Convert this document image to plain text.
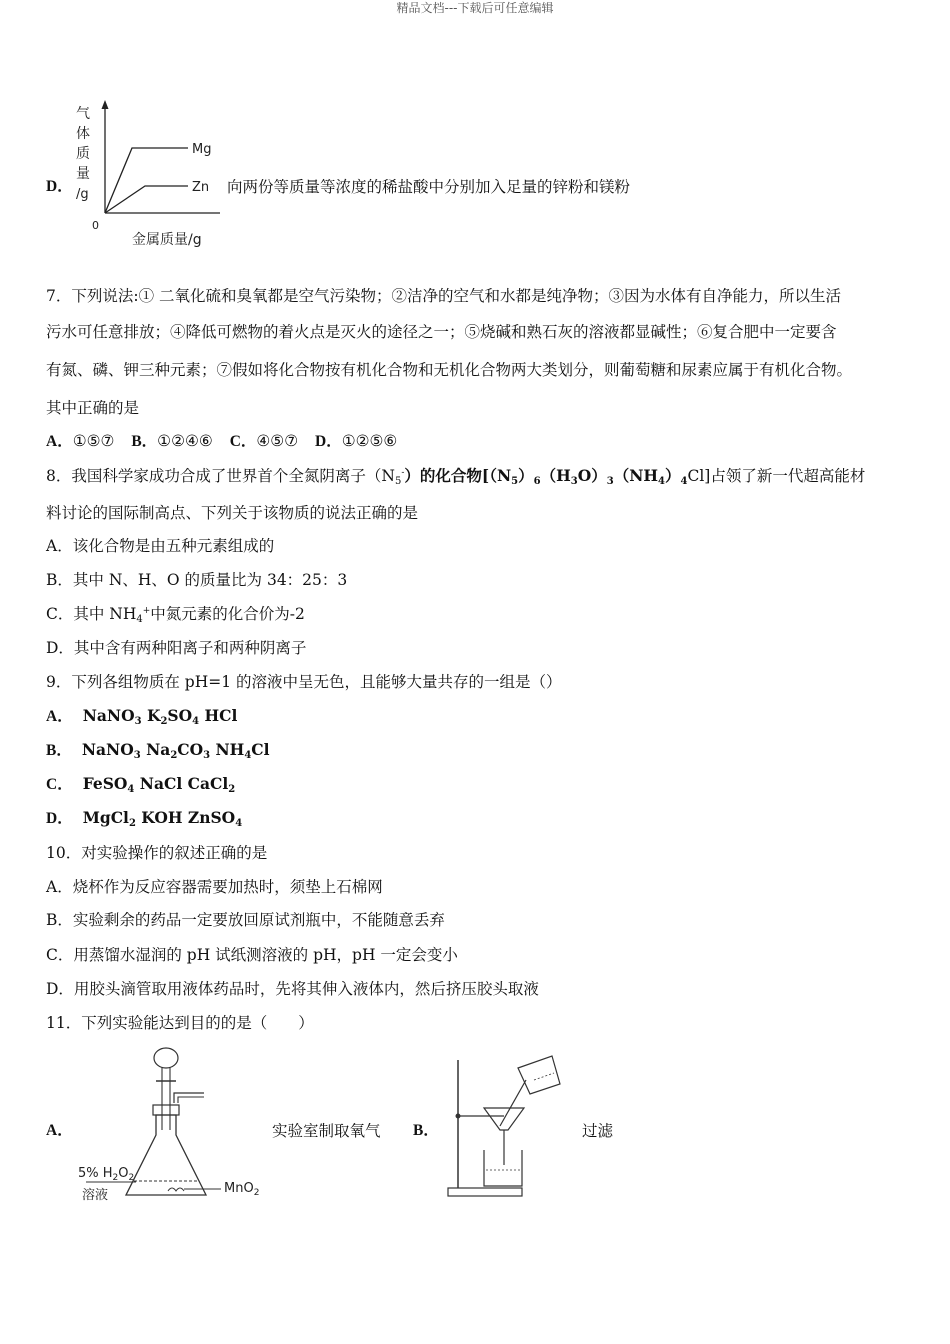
精品文档---下载后可任意编辑
气
体
质
量
/g
0
金属质量/g
Mg
Zn
D．	向两份等质量等浓度的稀盐酸中分别加入足量的锌粉和镁粉
7．下列说法:① 二氧化硫和臭氧都是空气污染物；②洁净的空气和水都是纯净物；③因为水体有自净能力，所以生活
污水可任意排放；④降低可燃物的着火点是灭火的途径之一；⑤烧碱和熟石灰的溶液都显碱性；⑥复合肥中一定要含
有氮、磷、钾三种元素；⑦假如将化合物按有机化合物和无机化合物两大类划分，则葡萄糖和尿素应属于有机化合物。
其中正确的是
A．①⑤⑦ B．①②④⑥ C．④⑤⑦ D．①②⑤⑥
8．我国科学家成功合成了世界首个全氮阴离子$(N_5^-)$的化合物$[(N_5)_6(H_3O)_3(NH_4)_4Cl]$占领了新一代超高能材
料讨论的国际制高点、下列关于该物质的说法正确的是
A．该化合物是由五种元素组成的
B．其中 N、H、O 的质量比为 34：25：3
C．其中 $NH_4^+$中氮元素的化合价为-2
D．其中含有两种阳离子和两种阴离子
9．下列各组物质在 pH=1 的溶液中呈无色，且能够大量共存的一组是（）
A． NaNO$_3$ $K_2SO_4$ HCl
B． NaNO$_3$ $Na_2CO_3$ $NH_4Cl$
C． FeSO$_4$ NaCl CaCl$_2$
D． MgCl$_2$ KOH ZnSO$_4$
10．对实验操作的叙述正确的是
A．烧杯作为反应容器需要加热时，须垫上石棉网
B．实验剩余的药品一定要放回原试剂瓶中，不能随意丢弃
C．用蒸馏水湿润的 pH 试纸测溶液的 pH，pH 一定会变小
D．用胶头滴管取用液体药品时，先将其伸入液体内，然后挤压胶头取液
11．下列实验能达到目的的是（　　）
A．
5% $H_2O_2$
溶液	MnO$_2$
实验室制取氧气 B．	过滤
